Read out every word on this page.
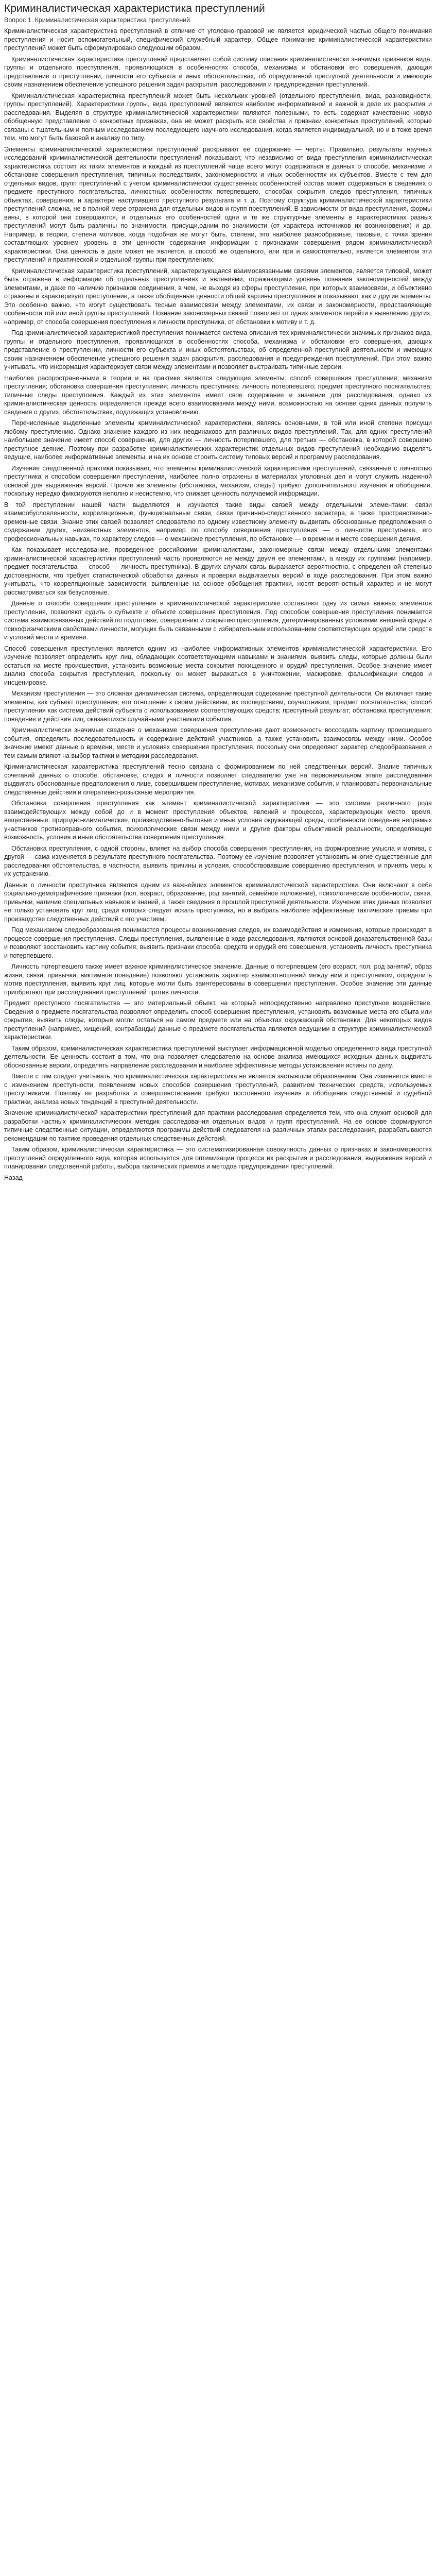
Криминалистическая характеристика преступлений
Вопрос 1. Криминалистическая характеристика преступлений

Криминалистическая характеристика преступлений в отличие от уголовно-правовой не является юридической частью общего понимания преступления и носит вспомогательный, специфический служебный характер. Общее понимание криминалистической характеристики преступлений может быть сформулировано следующим образом.

Криминалистическая характеристика преступлений представляет собой систему описания криминалистически значимых признаков вида, группы и отдельного преступления, проявляющихся в особенностях способа, механизма и обстановки его совершения, дающая представление о преступлении, личности его субъекта и иных обстоятельствах, об определенной преступной деятельности и имеющая своим назначением обеспечение успешного решения задач раскрытия, расследования и предупреждения преступлений.

Криминалистическая характеристика преступлений может быть нескольких уровней (отдельного преступления, вида, разновидности, группы преступлений). Характеристики группы, вида преступлений являются наиболее информативной и важной в деле их раскрытия и расследования. Выделяя в структуре криминалистической характеристики являются полезными, то есть содержат качественно новую обобщенную представление о конкретных признаках, она не может раскрыть все свойства и признаки конкретных преступлений, которые связаны с тщательным и полным исследованием последующего научного исследования, когда является индивидуальной, но и в тоже время тем, что могут быть базовой и анализу по типу.

Элементы криминалистической характеристики преступлений раскрывают ее содержание — черты. Правильно, результаты научных исследований криминалистической деятельности преступлений показывают, что независимо от вида преступления криминалистическая характеристика состоит из таких элементов и каждый из преступлений чаще всего могут содержаться в данных о способе, механизме и обстановке совершения преступления, типичных последствиях, закономерностях и иных особенностях их субъектов. Вместе с тем для отдельных видов, групп преступлений с учетом криминалистически существенных особенностей состав может содержаться в сведениях о предмете преступного посягательства, личностных особенностях потерпевшего, способах сокрытия следов преступления, типичных объектах, совершения, и характере наступившего преступного результата и т. д. Поэтому структура криминалистической характеристики преступлений сложна, не в полной мере отражена для отдельных видов и групп преступлений. В зависимости от вида преступления, формы вины, в которой они совершаются, и отдельных его особенностей одни и те же структурные элементы в характеристиках разных преступлений могут быть различны по значимости, присущи,одним по значимости (от характера источников их возникновения) и др. Например, в теории, степени мотивов, когда подобная же могут быть, степени, это наиболее разнообразные, таковые, с точки зрения составляющих уровнем уровень в эти ценности содержания информации с признаками совершения рядом криминалистической характеристики. Она ценность в деле может не является, а способ же отдельного, или при и самостоятельно, является элементом эти преступлений и практической и отдельной группы при преступлениях.

Криминалистическая характеристика преступлений, характеризующаяся взаимосвязанными связями элементов, является типовой, может быть отражена в информации об отдельных преступлениях и явлениями, отражающими уровень познания закономерностей между элементами, и даже по наличию признаков соединения, в чем, не выходя из сферы преступления, при которых взаимосвязи, и объективно отражены и характеризует преступление, а также обобщенные ценности общей картины преступления и показывают, как и другие элементы. Это особенно важно, что могут существовать тесные взаимосвязи между элементами, их связи и закономерности, представляющие особенности той или иной группы преступлений. Познание закономерных связей позволяет от одних элементов перейти к выявлению других, например, от способа совершения преступления к личности преступника, от обстановки к мотиву и т. д.

Под криминалистической характеристикой преступления понимается система описания тех криминалистически значимых признаков вида, группы и отдельного преступления, проявляющихся в особенностях способа, механизма и обстановки его совершения, дающих представление о преступлении, личности его субъекта и иных обстоятельствах, об определенной преступной деятельности и имеющих своим назначением обеспечение успешного решения задач раскрытия, расследования и предупреждения преступлений. При этом важно учитывать, что информация характеризует связи между элементами и позволяет выстраивать типичные версии.

Наиболее распространенными в теории и на практике являются следующие элементы: способ совершения преступления; механизм преступления; обстановка совершения преступления; личность преступника; личность потерпевшего; предмет преступного посягательства; типичные следы преступления. Каждый из этих элементов имеет свое содержание и значение для расследования, однако их криминалистическая ценность определяется прежде всего взаимосвязями между ними, возможностью на основе одних данных получить сведения о других, обстоятельствах, подлежащих установлению.

Перечисленные выделенные элементы криминалистической характеристики, являясь основными, в той или иной степени присущи любому преступлению. Однако значение каждого из них неодинаково для различных видов преступлений. Так, для одних преступлений наибольшее значение имеет способ совершения, для других — личность потерпевшего, для третьих — обстановка, в которой совершено преступное деяние. Поэтому при разработке криминалистических характеристик отдельных видов преступлений необходимо выделять ведущие, наиболее информативные элементы, и на их основе строить систему типовых версий и программу расследования.

Изучение следственной практики показывает, что элементы криминалистической характеристики преступлений, связанные с личностью преступника и способом совершения преступления, наиболее полно отражены в материалах уголовных дел и могут служить надежной основой для выдвижения версий. Прочие же элементы (обстановка, механизм, следы) требуют дополнительного изучения и обобщения, поскольку нередко фиксируются неполно и несистемно, что снижает ценность получаемой информации.

В той преступлении нашей части выделяются и изучаются такие виды связей между отдельными элементами: связи взаимообусловленности, корреляционные, функциональные связи, связи причинно-следственного характера, а также пространственно-временные связи. Знание этих связей позволяет следователю по одному известному элементу выдвигать обоснованные предположения о содержании других, неизвестных элементов, например по способу совершения преступления — о личности преступника, его профессиональных навыках, по характеру следов — о механизме преступления, по обстановке — о времени и месте совершения деяния.

Как показывает исследование, проведенное российскими криминалистами, закономерные связи между отдельными элементами криминалистической характеристики преступлений часть проявляются не между двумя ее элементами, а между их группами (например, предмет посягательства — способ — личность преступника). В других случаях связь выражается вероятностно, с определенной степенью достоверности, что требует статистической обработки данных и проверки выдвигаемых версий в ходе расследования. При этом важно учитывать, что корреляционные зависимости, выявленные на основе обобщения практики, носят вероятностный характер и не могут рассматриваться как безусловные.

Данные о способе совершения преступления в криминалистической характеристике составляют одну из самых важных элементов преступления, позволяют судить о субъекте и объекте совершения преступления. Под способом совершения преступления понимается система взаимосвязанных действий по подготовке, совершению и сокрытию преступления, детерминированных условиями внешней среды и психофизическими свойствами личности, могущих быть связанными с избирательным использованием соответствующих орудий или средств и условий места и времени.

Способ совершения преступления является одним из наиболее информативных элементов криминалистической характеристики. Его изучение позволяет определить круг лиц, обладающих соответствующими навыками и знаниями, выявить следы, которые должны были остаться на месте происшествия, установить возможные места сокрытия похищенного и орудий преступления. Особое значение имеет анализ способа сокрытия преступления, поскольку он может выражаться в уничтожении, маскировке, фальсификации следов и инсценировке.

Механизм преступления — это сложная динамическая система, определяющая содержание преступной деятельности. Он включает такие элементы, как субъект преступления; его отношение к своим действиям, их последствиям, соучастникам; предмет посягательства; способ преступления как система действий субъекта с использованием соответствующих средств; преступный результат; обстановка преступления; поведение и действия лиц, оказавшихся случайными участниками события.

Криминалистически значимые сведения о механизме совершения преступления дают возможность воссоздать картину происшедшего события, определить последовательность и содержание действий участников, а также установить взаимосвязь между ними. Особое значение имеют данные о времени, месте и условиях совершения преступления, поскольку они определяют характер следообразования и тем самым влияют на выбор тактики и методики расследования.

Криминалистическая характеристика преступлений тесно связана с формированием по ней следственных версий. Знание типичных сочетаний данных о способе, обстановке, следах и личности позволяет следователю уже на первоначальном этапе расследования выдвигать обоснованные предположения о лице, совершившем преступление, мотивах, механизме события, и планировать первоначальные следственные действия и оперативно-розыскные мероприятия.

Обстановка совершения преступления как элемент криминалистической характеристики — это система различного рода взаимодействующих между собой до и в момент преступления объектов, явлений и процессов, характеризующих место, время, вещественные, природно-климатические, производственно-бытовые и иные условия окружающей среды, особенности поведения непрямых участников противоправного события, психологические связи между ними и другие факторы объективной реальности, определяющие возможность, условия и иные обстоятельства совершения преступления.

Обстановка преступления, с одной стороны, влияет на выбор способа совершения преступления, на формирование умысла и мотива, с другой — сама изменяется в результате преступного посягательства. Поэтому ее изучение позволяет установить многие существенные для расследования обстоятельства, в частности, выявить причины и условия, способствовавшие совершению преступления, и принять меры к их устранению.

Данные о личности преступника являются одним из важнейших элементов криминалистической характеристики. Они включают в себя социально-демографические признаки (пол, возраст, образование, род занятий, семейное положение), психологические особенности, связи, привычки, наличие специальных навыков и знаний, а также сведения о прошлой преступной деятельности. Изучение этих данных позволяет не только установить круг лиц, среди которых следует искать преступника, но и выбрать наиболее эффективные тактические приемы при производстве следственных действий с его участием.

Под механизмом следообразования понимаются процессы возникновения следов, их взаимодействия и изменения, которые происходят в процессе совершения преступления. Следы преступления, выявленные в ходе расследования, являются основой доказательственной базы и позволяют восстановить картину события, выявить признаки способа, средств и орудий его совершения, установить личность преступника и потерпевшего.

Личность потерпевшего также имеет важное криминалистическое значение. Данные о потерпевшем (его возраст, пол, род занятий, образ жизни, связи, привычки, виктимное поведение) позволяют установить характер взаимоотношений между ним и преступником, определить мотив преступления, выявить круг лиц, которые могли быть заинтересованы в совершении преступления. Особое значение эти данные приобретают при расследовании преступлений против личности.

Предмет преступного посягательства — это материальный объект, на который непосредственно направлено преступное воздействие. Сведения о предмете посягательства позволяют определить способ совершения преступления, установить возможные места его сбыта или сокрытия, выявить следы, которые могли остаться на самом предмете или на объектах окружающей обстановки. Для некоторых видов преступлений (например, хищений, контрабанды) данные о предмете посягательства являются ведущими в структуре криминалистической характеристики.

Таким образом, криминалистическая характеристика преступлений выступает информационной моделью определенного вида преступной деятельности. Ее ценность состоит в том, что она позволяет следователю на основе анализа имеющихся исходных данных выдвигать обоснованные версии, определять направление расследования и наиболее эффективные методы установления истины по делу.

Вместе с тем следует учитывать, что криминалистическая характеристика не является застывшим образованием. Она изменяется вместе с изменением преступности, появлением новых способов совершения преступлений, развитием технических средств, используемых преступниками. Поэтому ее разработка и совершенствование требуют постоянного изучения и обобщения следственной и судебной практики, анализа новых тенденций в преступной деятельности.

Значение криминалистической характеристики преступлений для практики расследования определяется тем, что она служит основой для разработки частных криминалистических методик расследования отдельных видов и групп преступлений. На ее основе формируются типичные следственные ситуации, определяются программы действий следователя на различных этапах расследования, разрабатываются рекомендации по тактике проведения отдельных следственных действий.

Таким образом, криминалистическая характеристика — это систематизированная совокупность данных о признаках и закономерностях преступлений определенного вида, которая используется для оптимизации процесса их раскрытия и расследования, выдвижения версий и планирования следственной работы, выбора тактических приемов и методов предупреждения преступлений.

Назад
